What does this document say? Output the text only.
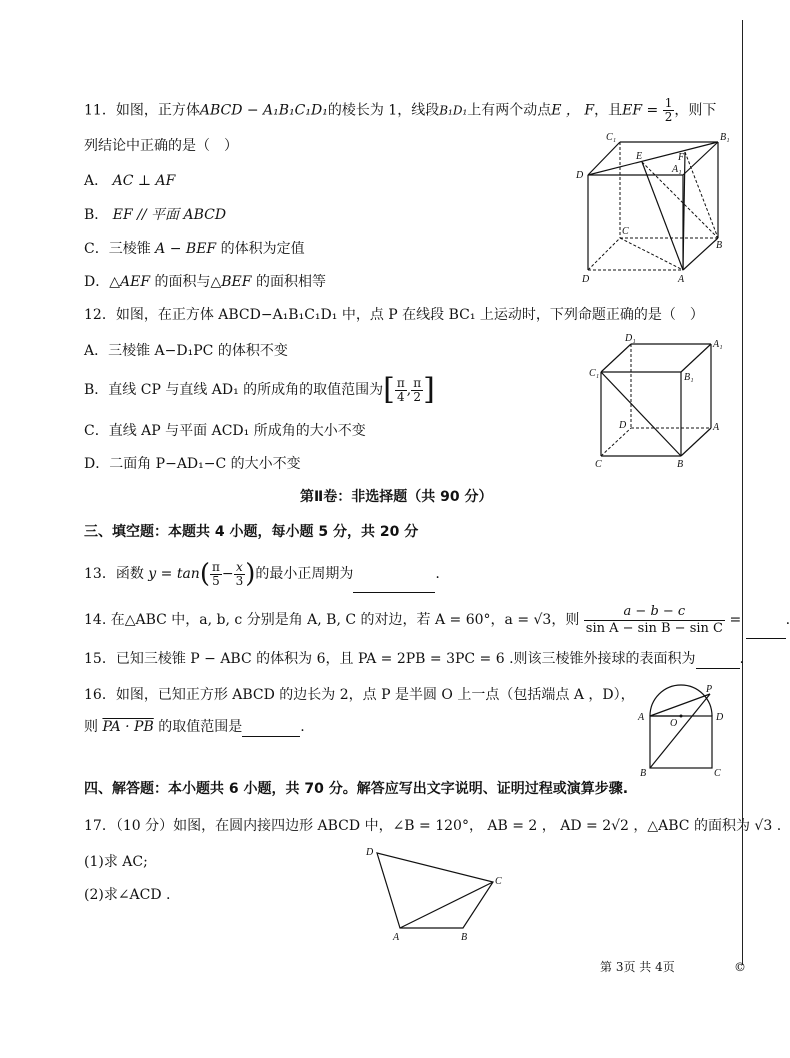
11．如图，正方体ABCD − A₁B₁C₁D₁的棱长为 1，线段B₁D₁上有两个动点E ， F，且EF = $\frac{1}{2}$ ，则下
列结论中正确的是（　）
A． AC ⊥ AF
B． EF // 平面 ABCD
C．三棱锥 A − BEF 的体积为定值
D．△AEF 的面积与△BEF 的面积相等
C₁	B₁
D
E	F
A₁
C
B
D	A
12．如图，在正方体 ABCD−A₁B₁C₁D₁ 中，点 P 在线段 BC₁ 上运动时，下列命题正确的是（　）
A．三棱锥 A−D₁PC 的体积不变
B．直线 CP 与直线 AD₁ 的所成角的取值范围为[ $\frac{\pi}{4}$ , $\frac{\pi}{2}$ ]
C．直线 AP 与平面 ACD₁ 所成角的大小不变
D．二面角 P−AD₁−C 的大小不变
D₁
A₁
C₁	B₁
D	A
C	B
第Ⅱ卷：非选择题（共 90 分）
三、填空题：本题共 4 小题，每小题 5 分，共 20 分
13．函数 $y = \tan( \frac{\pi}{5} - \frac{x}{3}$ )的最小正周期为	.
14. 在△ABC 中，a, b, c 分别是角 A, B, C 的对边，若 A = 60°，a = √3，则 $\frac{a - b - c}{\text{sin A − sin B − sin C}}$ =	.
15．已知三棱锥 P − ABC 的体积为 6，且 PA = 2PB = 3PC = 6 .则该三棱锥外接球的表面积为	.
16．如图，已知正方形 ABCD 的边长为 2，点 P 是半圆 O 上一点（包括端点 A ，D），
则 PA · PB 的取值范围是	.
P
A
O
D
B	C
四、解答题：本小题共 6 小题，共 70 分。解答应写出文字说明、证明过程或演算步骤.
17．（10 分）如图，在圆内接四边形 ABCD 中，∠B = 120°， AB = 2 ， AD = 2√2 ，△ABC 的面积为 √3 .
(1)求 AC;
(2)求∠ACD .
D
C
A	B
第 3页 共 4页	©
